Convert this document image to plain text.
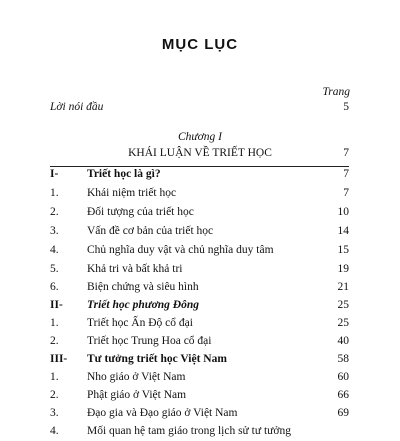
MỤC LỤC
Trang
Lời nói đầu	5
Chương I
KHÁI LUẬN VỀ TRIẾT HỌC	7
I- Triết học là gì?	7
1. Khái niệm triết học	7
2. Đối tượng của triết học	10
3. Vấn đề cơ bản của triết học	14
4. Chủ nghĩa duy vật và chủ nghĩa duy tâm	15
5. Khả tri và bất khả tri	19
6. Biện chứng và siêu hình	21
II- Triết học phương Đông	25
1. Triết học Ấn Độ cổ đại	25
2. Triết học Trung Hoa cổ đại	40
III- Tư tưởng triết học Việt Nam	58
1. Nho giáo ở Việt Nam	60
2. Phật giáo ở Việt Nam	66
3. Đạo gia và Đạo giáo ở Việt Nam	69
4. Mối quan hệ tam giáo trong lịch sử tư tưởng
